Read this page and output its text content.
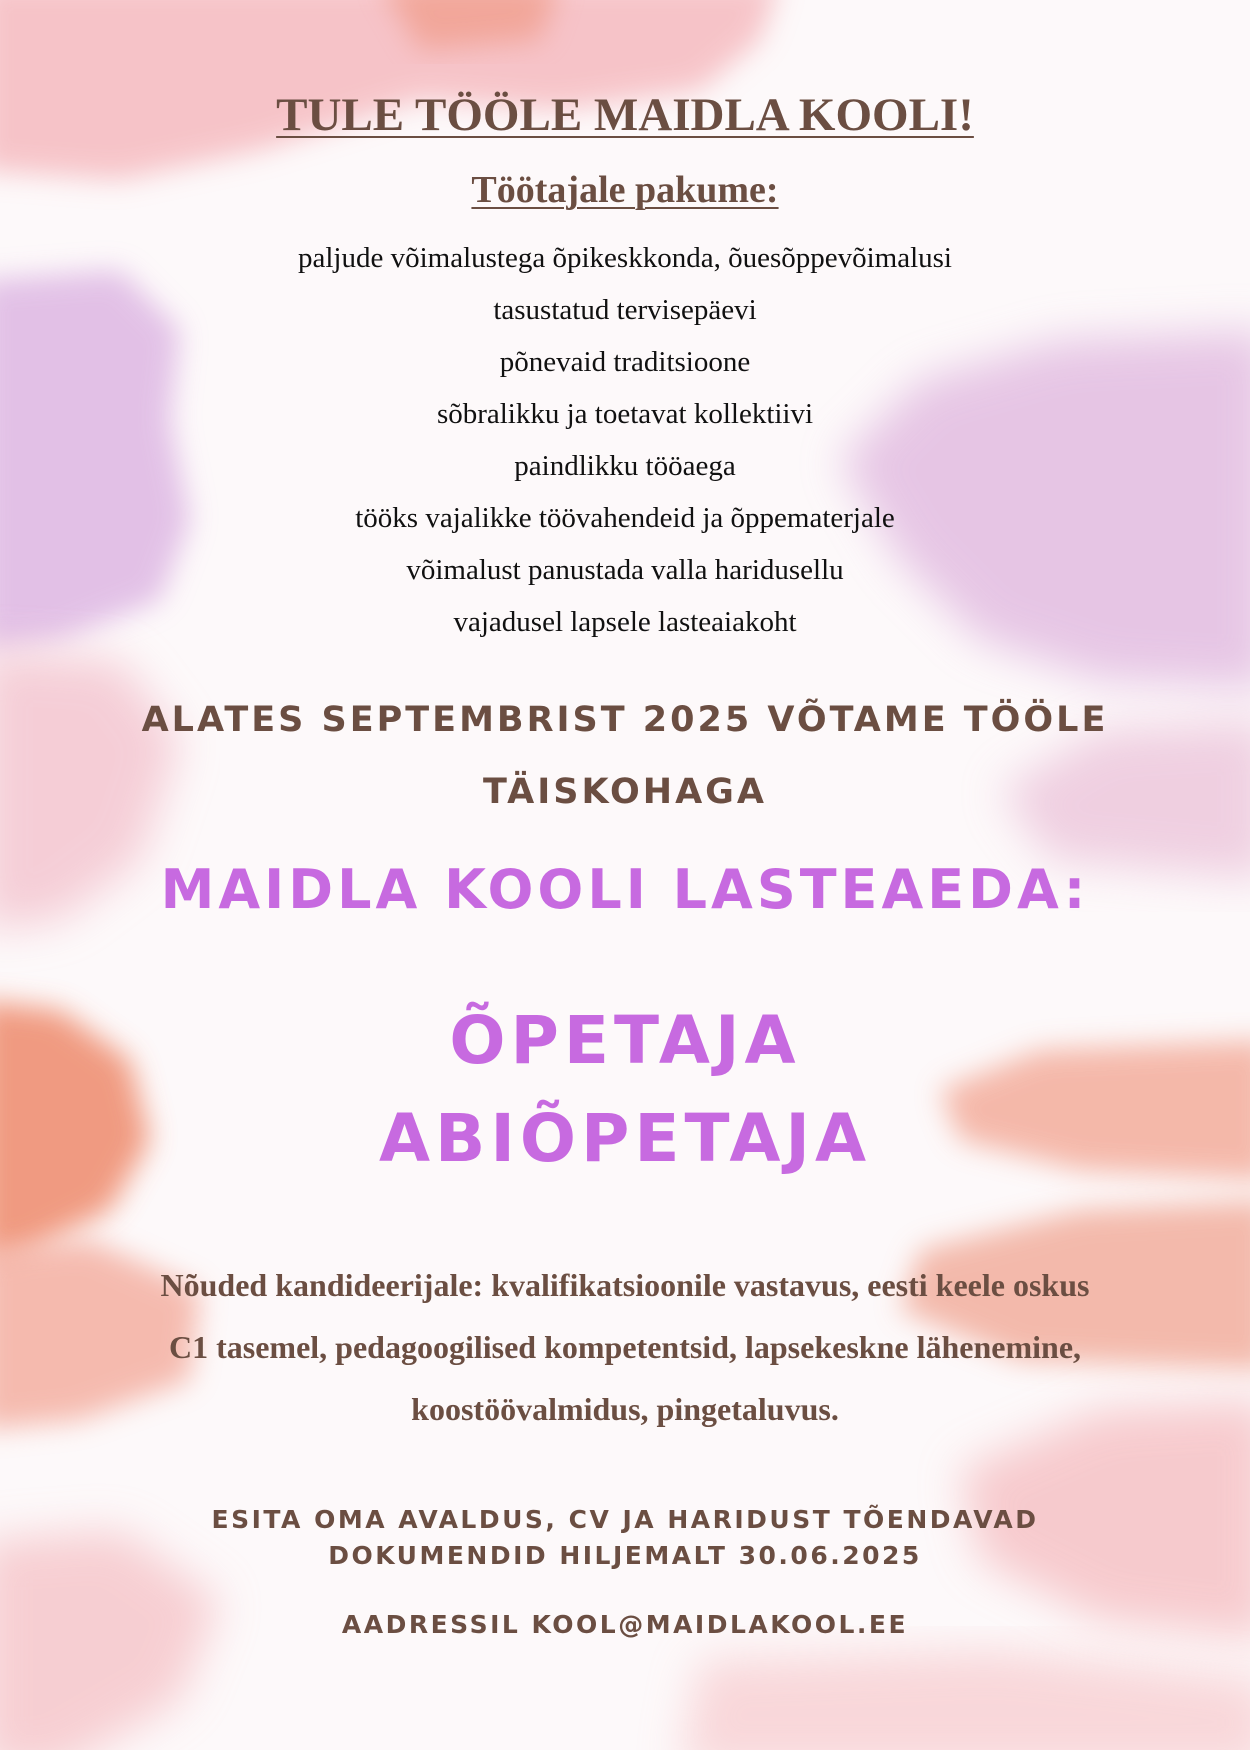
TULE TÖÖLE MAIDLA KOOLI!
Töötajale pakume:
paljude võimalustega õpikeskkonda, õuesõppevõimalusi
tasustatud tervisepäevi
põnevaid traditsioone
sõbralikku ja toetavat kollektiivi
paindlikku tööaega
tööks vajalikke töövahendeid ja õppematerjale
võimalust panustada valla haridusellu
vajadusel lapsele lasteaiakoht
ALATES SEPTEMBRIST 2025 VÕTAME TÖÖLE TÄISKOHAGA
MAIDLA KOOLI LASTEAEDA:
ÕPETAJA
ABIÕPETAJA
Nõuded kandideerijale: kvalifikatsioonile vastavus, eesti keele oskus C1 tasemel, pedagoogilised kompetentsid, lapsekeskne lähenemine, koostöövalmidus, pingetaluvus.
ESITA OMA AVALDUS, CV JA HARIDUST TÕENDAVAD DOKUMENDID HILJEMALT 30.06.2025
AADRESSIL KOOL@MAIDLAKOOL.EE
